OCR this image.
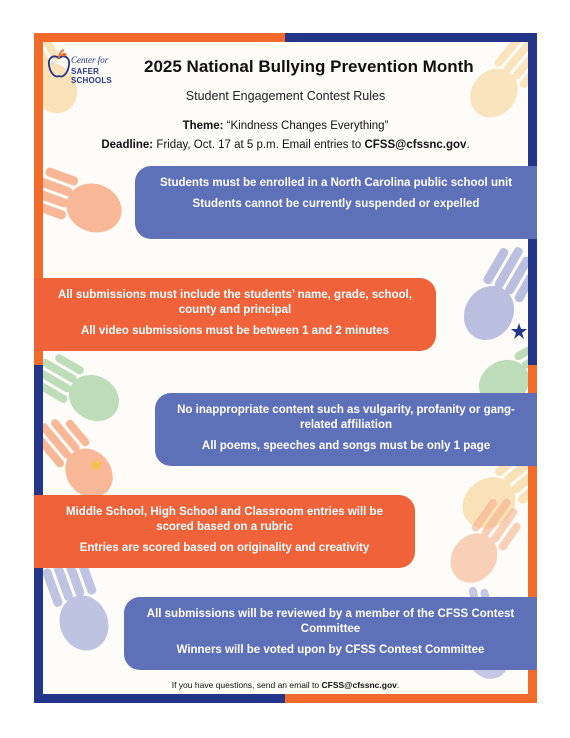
Center for
SAFER SCHOOLS
2025 National Bullying Prevention Month
Student Engagement Contest Rules
Theme: “Kindness Changes Everything”
Deadline: Friday, Oct. 17 at 5 p.m. Email entries to CFSS@cfssnc.gov.
Students must be enrolled in a North Carolina public school unit
Students cannot be currently suspended or expelled
All submissions must include the students’ name, grade, school, county and principal
All video submissions must be between 1 and 2 minutes
No inappropriate content such as vulgarity, profanity or gang-related affiliation
All poems, speeches and songs must be only 1 page
Middle School, High School and Classroom entries will be scored based on a rubric
Entries are scored based on originality and creativity
All submissions will be reviewed by a member of the CFSS Contest Committee
Winners will be voted upon by CFSS Contest Committee
If you have questions, send an email to CFSS@cfssnc.gov.
